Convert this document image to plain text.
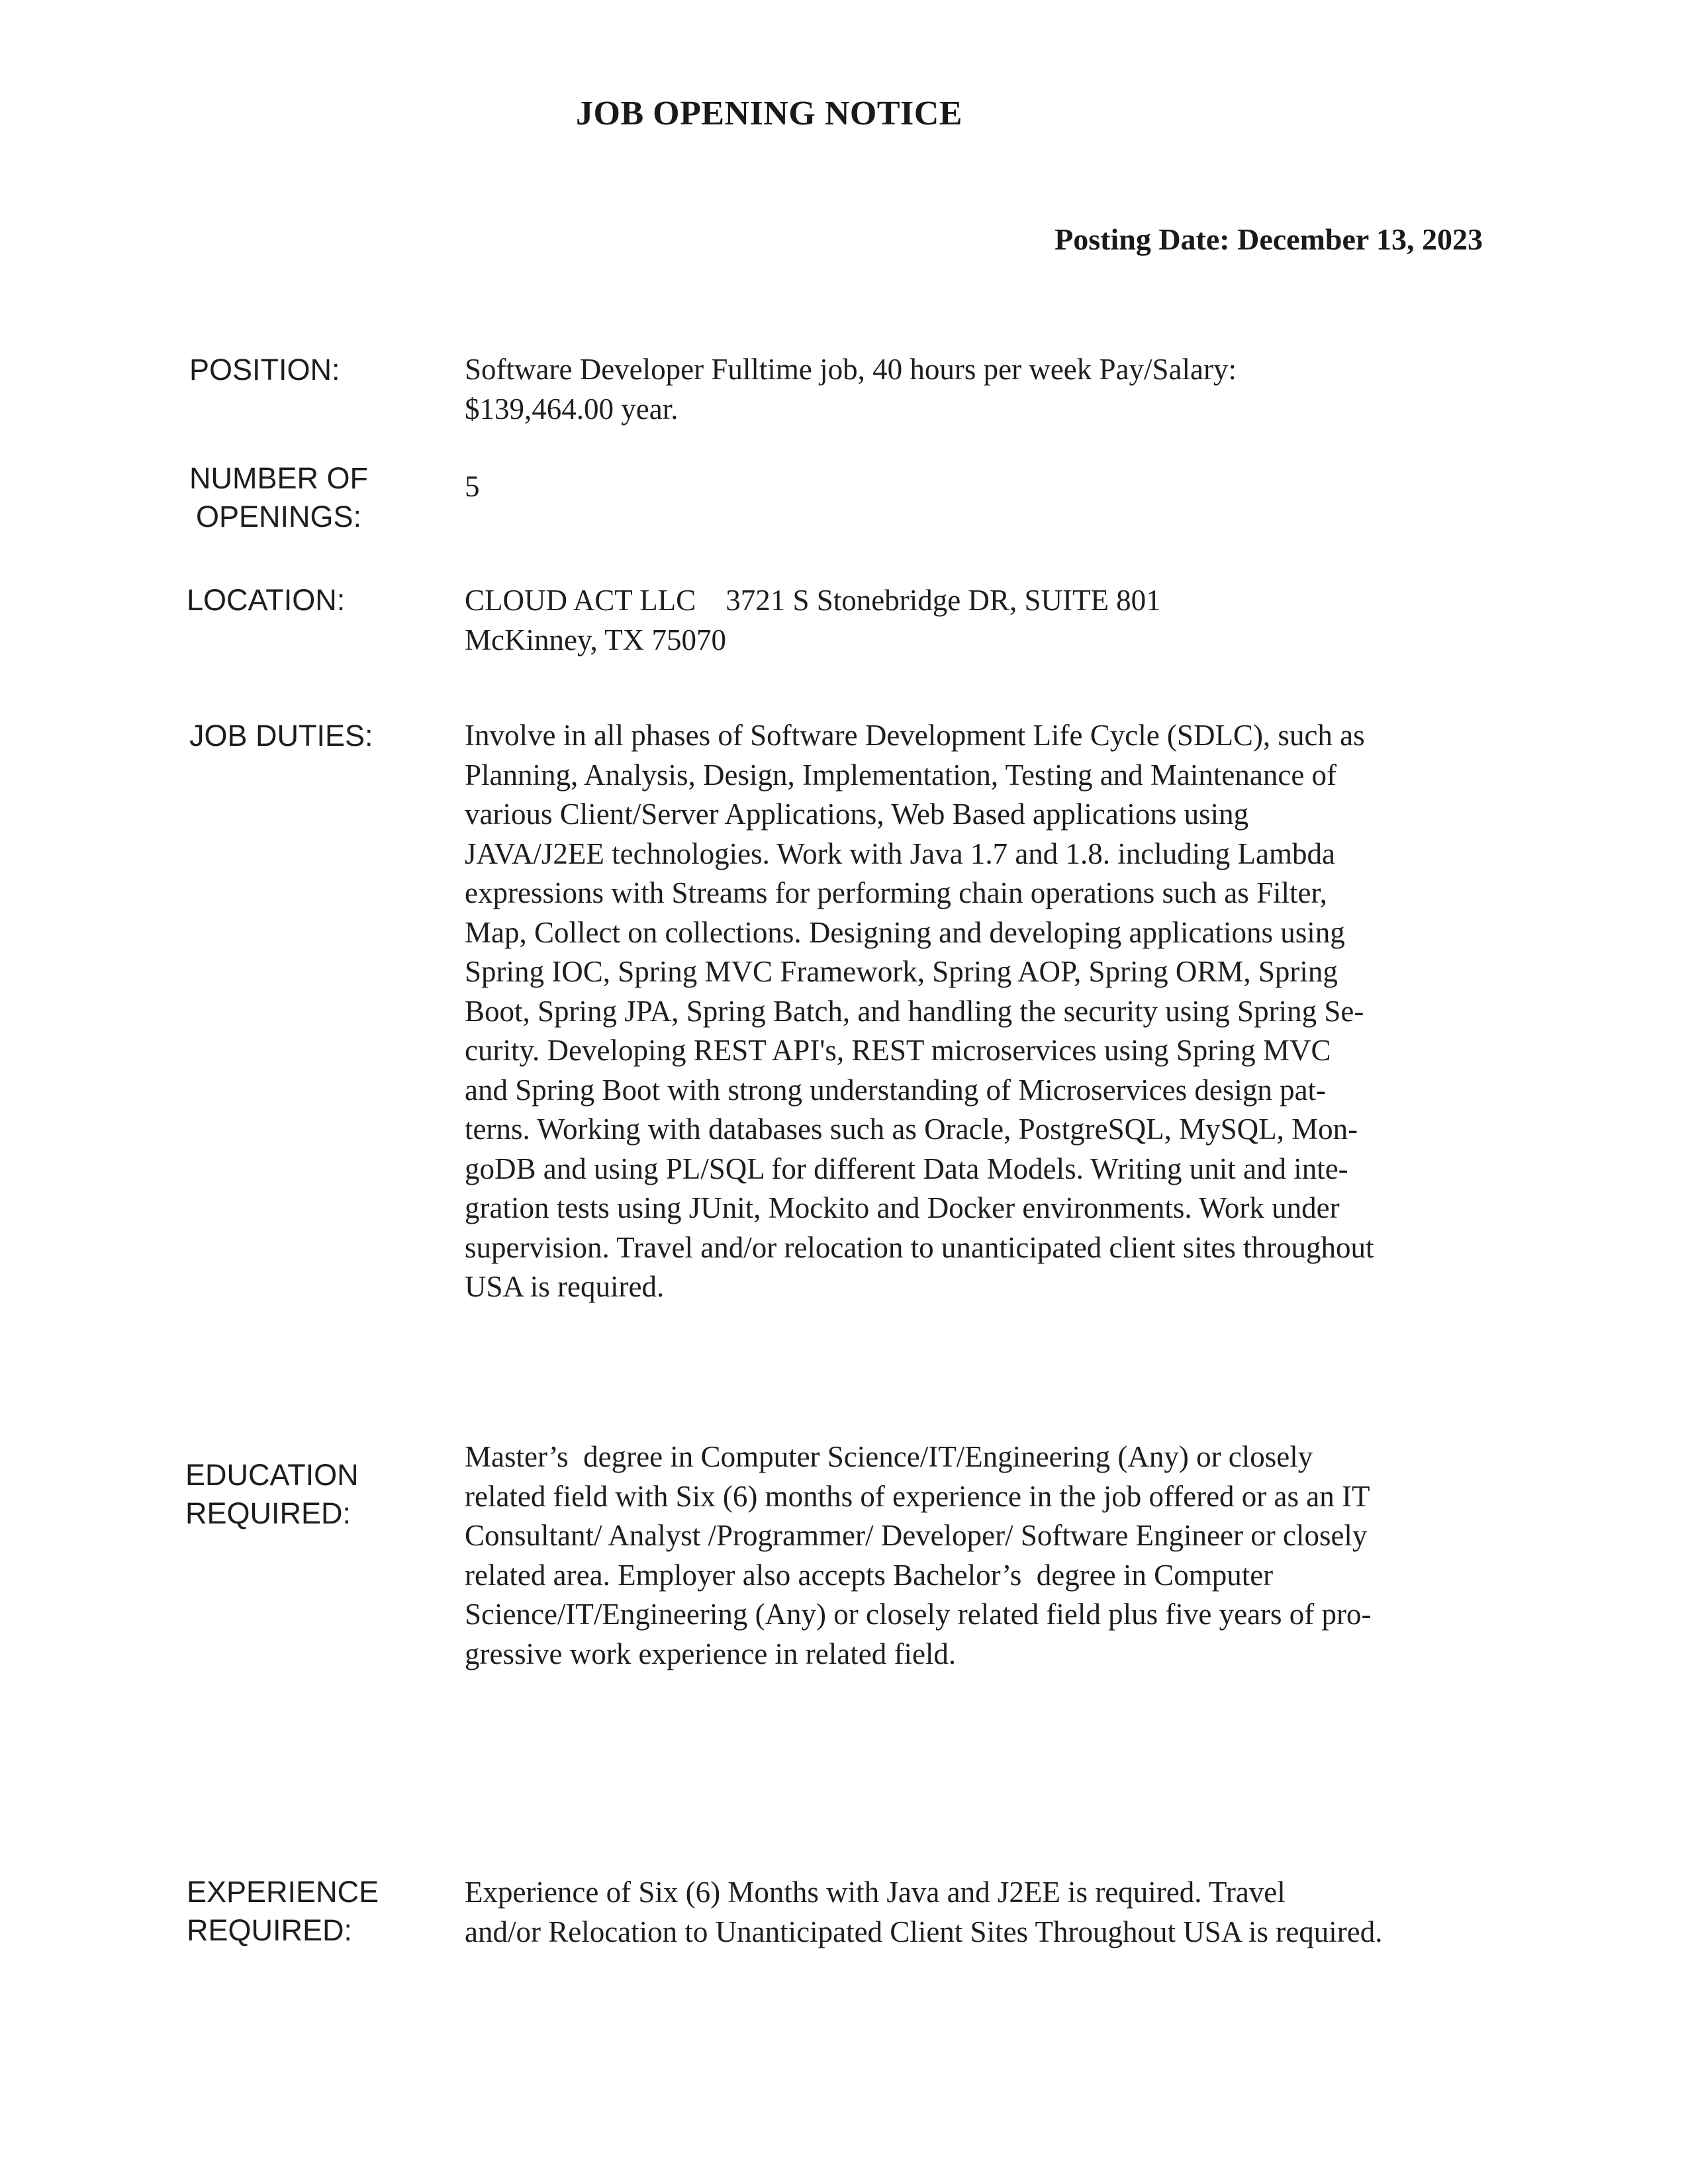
JOB OPENING NOTICE
Posting Date: December 13, 2023
POSITION:	Software Developer Fulltime job, 40 hours per week Pay/Salary:
$139,464.00 year.
NUMBER OF
OPENINGS:
5
LOCATION:	CLOUD ACT LLC    3721 S Stonebridge DR, SUITE 801
McKinney, TX 75070
JOB DUTIES:	Involve in all phases of Software Development Life Cycle (SDLC), such as
Planning, Analysis, Design, Implementation, Testing and Maintenance of
various Client/Server Applications, Web Based applications using
JAVA/J2EE technologies. Work with Java 1.7 and 1.8. including Lambda
expressions with Streams for performing chain operations such as Filter,
Map, Collect on collections. Designing and developing applications using
Spring IOC, Spring MVC Framework, Spring AOP, Spring ORM, Spring
Boot, Spring JPA, Spring Batch, and handling the security using Spring Se-
curity. Developing REST API's, REST microservices using Spring MVC
and Spring Boot with strong understanding of Microservices design pat-
terns. Working with databases such as Oracle, PostgreSQL, MySQL, Mon-
goDB and using PL/SQL for different Data Models. Writing unit and inte-
gration tests using JUnit, Mockito and Docker environments. Work under
supervision. Travel and/or relocation to unanticipated client sites throughout
USA is required.
EDUCATION
REQUIRED:
Master’s  degree in Computer Science/IT/Engineering (Any) or closely
related field with Six (6) months of experience in the job offered or as an IT
Consultant/ Analyst /Programmer/ Developer/ Software Engineer or closely
related area. Employer also accepts Bachelor’s  degree in Computer
Science/IT/Engineering (Any) or closely related field plus five years of pro-
gressive work experience in related field.
EXPERIENCE
REQUIRED:
Experience of Six (6) Months with Java and J2EE is required. Travel
and/or Relocation to Unanticipated Client Sites Throughout USA is required.
